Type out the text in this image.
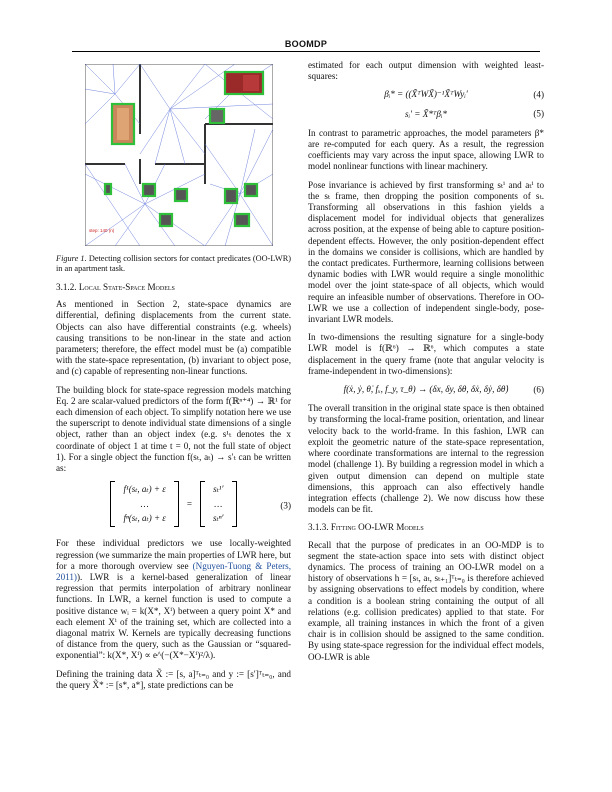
BOOMDP
step: 140 (n)
Figure 1. Detecting collision sectors for contact predicates (OO-LWR) in an apartment task.
3.1.2. Local State-Space Models

As mentioned in Section 2, state-space dynamics are differential, defining displacements from the current state. Objects can also have differential constraints (e.g. wheels) causing transitions to be non-linear in the state and action parameters; therefore, the effect model must be (a) compatible with the state-space representation, (b) invariant to object pose, and (c) capable of representing non-linear functions.

The building block for state-space regression models matching Eq. 2 are scalar-valued predictors of the form f(ℝⁿ⁺⁴) → ℝ¹ for each dimension of each object. To simplify notation here we use the superscript to denote individual state dimensions of a single object, rather than an object index (e.g. s¹ₜ denotes the x coordinate of object 1 at time t = 0, not the full state of object 1). For a single object the function f(sₜ, aₜ) → s′ₜ can be written as:

f¹(sₜ, aₜ) + ε
…
fⁿ(sₜ, aₜ) + ε
=
sₜ¹′
…
sₜⁿ′
(3)

For these individual predictors we use locally-weighted regression (we summarize the main properties of LWR here, but for a more thorough overview see (Nguyen-Tuong & Peters, 2011)). LWR is a kernel-based generalization of linear regression that permits interpolation of arbitrary nonlinear functions. In LWR, a kernel function is used to compute a positive distance wᵢ = k(X*, Xⁱ) between a query point X* and each element Xⁱ of the training set, which are collected into a diagonal matrix W. Kernels are typically decreasing functions of distance from the query, such as the Gaussian or “squared-exponential”: k(X*, Xⁱ) ∝ e^(−(X*−Xⁱ)²/λ).

Defining the training data X̃ := [s, a]ᵀₜ₌₀ and y := [s′]ᵀₜ₌₀, and the query X̃* := [s*, a*], state predictions can be

estimated for each output dimension with weighted least-squares:

βᵢ* = ((X̃ᵀWX̃)⁻¹X̃ᵀWyᵢ′	(4)
sᵢ′ = X̃*ᵀβᵢ*	(5)

In contrast to parametric approaches, the model parameters β* are re-computed for each query. As a result, the regression coefficients may vary across the input space, allowing LWR to model nonlinear functions with linear machinery.

Pose invariance is achieved by first transforming sₜⁱ and aₜⁱ to the sₜ frame, then dropping the position components of sₜ. Transforming all observations in this fashion yields a displacement model for individual objects that generalizes across position, at the expense of being able to capture position-dependent effects. However, the only position-dependent effect in the domains we consider is collisions, which are handled by the contact predicates. Furthermore, learning collisions between dynamic bodies with LWR would require a single monolithic model over the joint state-space of all objects, which would require an infeasible number of observations. Therefore in OO-LWR we use a collection of independent single-body, pose-invariant LWR models.

In two-dimensions the resulting signature for a single-body LWR model is f(ℝ⁶) → ℝ⁶, which computes a state displacement in the query frame (note that angular velocity is frame-independent in two-dimensions):

f(ẋ, ẏ, θ̇, fₓ, f_y, τ_θ) → (δx, δy, δθ, δẋ, δẏ, δθ̇)	(6)

The overall transition in the original state space is then obtained by transforming the local-frame position, orientation, and linear velocity back to the world-frame. In this fashion, LWR can exploit the geometric nature of the state-space representation, where coordinate transformations are internal to the regression model (challenge 1). By building a regression model in which a given output dimension can depend on multiple state dimensions, this approach can also effectively handle integration effects (challenge 2). We now discuss how these models can be fit.

3.1.3. Fitting OO-LWR Models

Recall that the purpose of predicates in an OO-MDP is to segment the state-action space into sets with distinct object dynamics. The process of training an OO-LWR model on a history of observations h = [sₜ, aₜ, sₜ₊₁]ᵀₜ₌₀ is therefore achieved by assigning observations to effect models by condition, where a condition is a boolean string containing the output of all relations (e.g. collision predicates) applied to that state. For example, all training instances in which the front of a given chair is in collision should be assigned to the same condition. By using state-space regression for the individual effect models, OO-LWR is able
